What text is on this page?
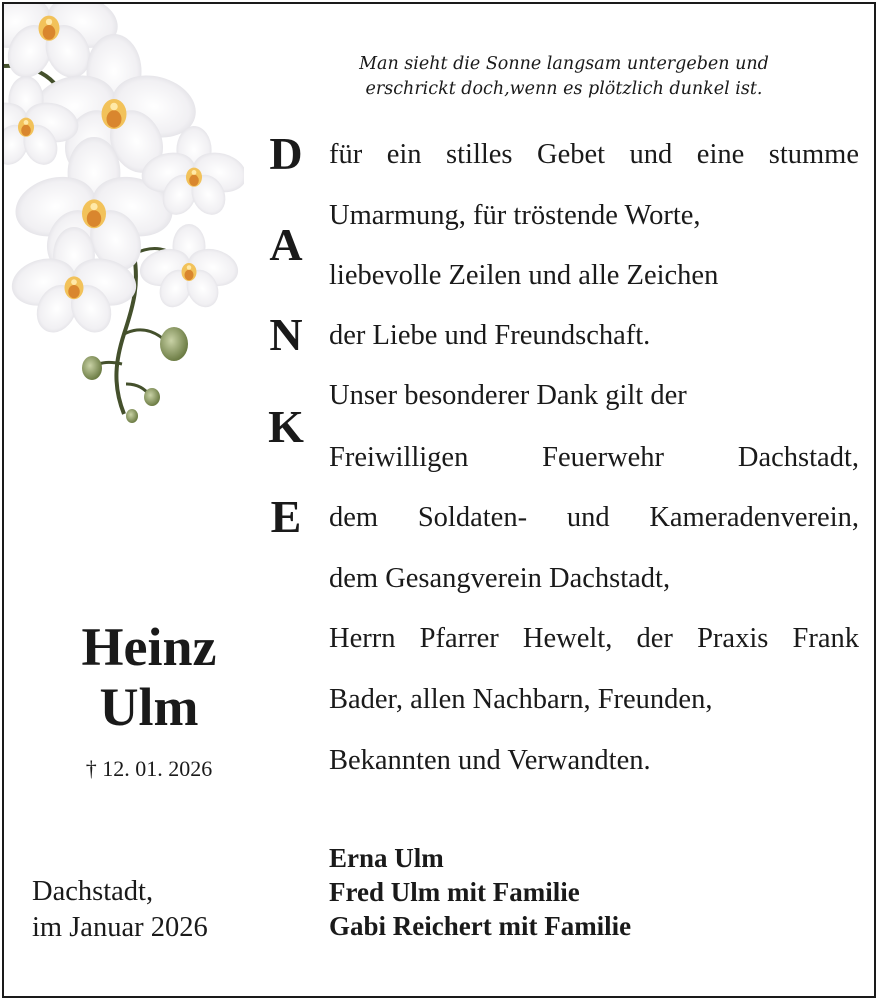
Man sieht die Sonne langsam untergeben und
erschrickt doch,wenn es plötzlich dunkel ist.
D
A
N
K
E
für ein stilles Gebet und eine stumme
Umarmung, für tröstende Worte,
liebevolle Zeilen und alle Zeichen
der Liebe und Freundschaft.
Unser besonderer Dank gilt der
Freiwilligen Feuerwehr Dachstadt,
dem Soldaten- und Kameradenverein,
dem Gesangverein Dachstadt,
Herrn Pfarrer Hewelt, der Praxis Frank
Bader, allen Nachbarn, Freunden,
Bekannten und Verwandten.
Heinz
Ulm
† 12. 01. 2026
Dachstadt,
im Januar 2026
Erna Ulm
Fred Ulm mit Familie
Gabi Reichert mit Familie
